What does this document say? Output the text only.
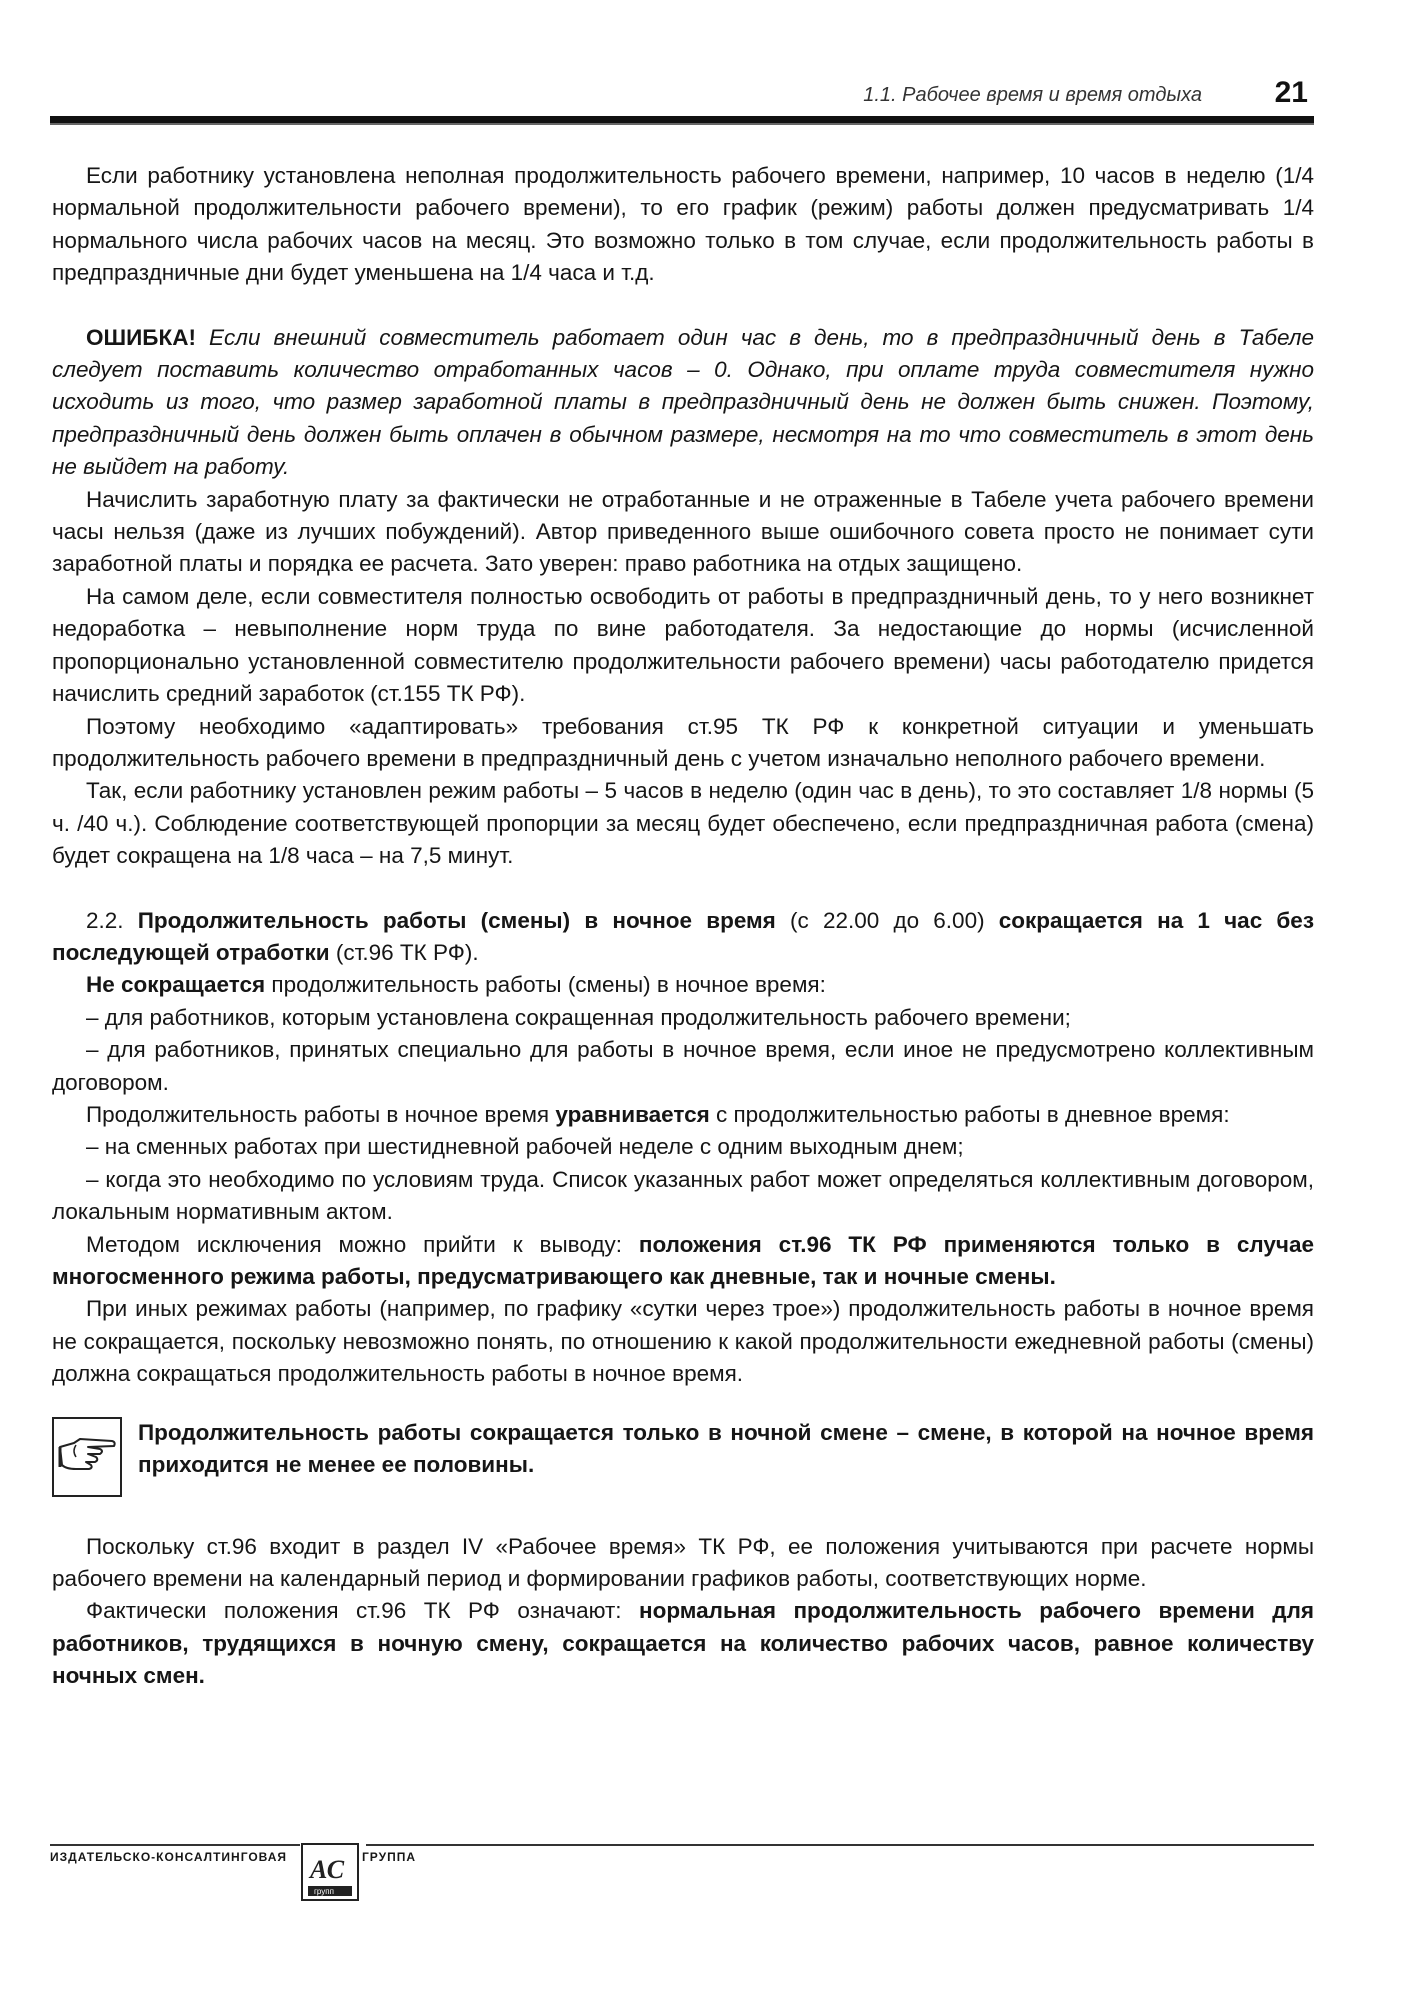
1.1. Рабочее время и время отдыха 21

Если работнику установлена неполная продолжительность рабочего времени, например, 10 часов в неделю (1/4 нормальной продолжительности рабочего времени), то его график (режим) работы должен предусматривать 1/4 нормального числа рабочих часов на месяц. Это возможно только в том случае, если продолжительность работы в предпраздничные дни будет уменьшена на 1/4 часа и т.д.

ОШИБКА! Если внешний совместитель работает один час в день, то в предпраздничный день в Табеле следует поставить количество отработанных часов – 0. Однако, при оплате труда совместителя нужно исходить из того, что размер заработной платы в предпраздничный день не должен быть снижен. Поэтому, предпраздничный день должен быть оплачен в обычном размере, несмотря на то что совместитель в этот день не выйдет на работу.

Начислить заработную плату за фактически не отработанные и не отраженные в Табеле учета рабочего времени часы нельзя (даже из лучших побуждений). Автор приведенного выше ошибочного совета просто не понимает сути заработной платы и порядка ее расчета. Зато уверен: право работника на отдых защищено.

На самом деле, если совместителя полностью освободить от работы в предпраздничный день, то у него возникнет недоработка – невыполнение норм труда по вине работодателя. За недостающие до нормы (исчисленной пропорционально установленной совместителю продолжительности рабочего времени) часы работодателю придется начислить средний заработок (ст.155 ТК РФ).

Поэтому необходимо «адаптировать» требования ст.95 ТК РФ к конкретной ситуации и уменьшать продолжительность рабочего времени в предпраздничный день с учетом изначально неполного рабочего времени.

Так, если работнику установлен режим работы – 5 часов в неделю (один час в день), то это составляет 1/8 нормы (5 ч. /40 ч.). Соблюдение соответствующей пропорции за месяц будет обеспечено, если предпраздничная работа (смена) будет сокращена на 1/8 часа – на 7,5 минут.

2.2. Продолжительность работы (смены) в ночное время (с 22.00 до 6.00) сокращается на 1 час без последующей отработки (ст.96 ТК РФ).

Не сокращается продолжительность работы (смены) в ночное время:

– для работников, которым установлена сокращенная продолжительность рабочего времени;

– для работников, принятых специально для работы в ночное время, если иное не предусмотрено коллективным договором.

Продолжительность работы в ночное время уравнивается с продолжительностью работы в дневное время:

– на сменных работах при шестидневной рабочей неделе с одним выходным днем;

– когда это необходимо по условиям труда. Список указанных работ может определяться коллективным договором, локальным нормативным актом.

Методом исключения можно прийти к выводу: положения ст.96 ТК РФ применяются только в случае многосменного режима работы, предусматривающего как дневные, так и ночные смены.

При иных режимах работы (например, по графику «сутки через трое») продолжительность работы в ночное время не сокращается, поскольку невозможно понять, по отношению к какой продолжительности ежедневной работы (смены) должна сокращаться продолжительность работы в ночное время.

Продолжительность работы сокращается только в ночной смене – смене, в которой на ночное время приходится не менее ее половины.

Поскольку ст.96 входит в раздел IV «Рабочее время» ТК РФ, ее положения учитываются при расчете нормы рабочего времени на календарный период и формировании графиков работы, соответствующих норме.

Фактически положения ст.96 ТК РФ означают: нормальная продолжительность рабочего времени для работников, трудящихся в ночную смену, сокращается на количество рабочих часов, равное количеству ночных смен.

ИЗДАТЕЛЬСКО-КОНСАЛТИНГОВАЯ АС
групп
ГРУППА
